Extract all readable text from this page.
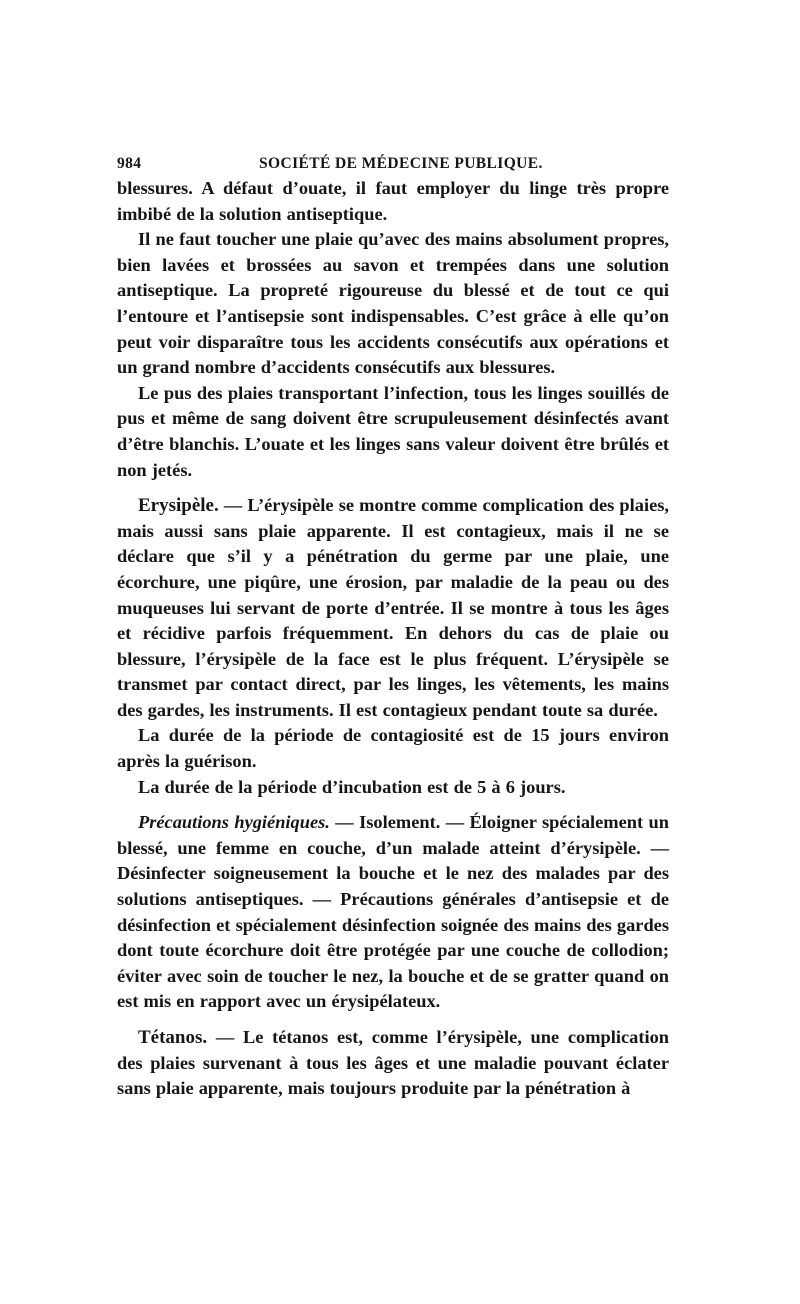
984	SOCIÉTÉ DE MÉDECINE PUBLIQUE.

blessures. A défaut d’ouate, il faut employer du linge très propre imbibé de la solution antiseptique.

Il ne faut toucher une plaie qu’avec des mains absolument propres, bien lavées et brossées au savon et trempées dans une solution antiseptique. La propreté rigoureuse du blessé et de tout ce qui l’entoure et l’antisepsie sont indispensables. C’est grâce à elle qu’on peut voir disparaître tous les accidents consécutifs aux opérations et un grand nombre d’accidents consécutifs aux blessures.

Le pus des plaies transportant l’infection, tous les linges souillés de pus et même de sang doivent être scrupuleusement désinfectés avant d’être blanchis. L’ouate et les linges sans valeur doivent être brûlés et non jetés.

Erysipèle. — L’érysipèle se montre comme complication des plaies, mais aussi sans plaie apparente. Il est contagieux, mais il ne se déclare que s’il y a pénétration du germe par une plaie, une écorchure, une piqûre, une érosion, par maladie de la peau ou des muqueuses lui servant de porte d’entrée. Il se montre à tous les âges et récidive parfois fréquemment. En dehors du cas de plaie ou blessure, l’érysipèle de la face est le plus fréquent. L’érysipèle se transmet par contact direct, par les linges, les vêtements, les mains des gardes, les instruments. Il est contagieux pendant toute sa durée.

La durée de la période de contagiosité est de 15 jours environ après la guérison.

La durée de la période d’incubation est de 5 à 6 jours.

Précautions hygiéniques. — Isolement. — Éloigner spécialement un blessé, une femme en couche, d’un malade atteint d’érysipèle. — Désinfecter soigneusement la bouche et le nez des malades par des solutions antiseptiques. — Précautions générales d’antisepsie et de désinfection et spécialement désinfection soignée des mains des gardes dont toute écorchure doit être protégée par une couche de collodion; éviter avec soin de toucher le nez, la bouche et de se gratter quand on est mis en rapport avec un érysipélateux.

Tétanos. — Le tétanos est, comme l’érysipèle, une complication des plaies survenant à tous les âges et une maladie pouvant éclater sans plaie apparente, mais toujours produite par la pénétration à
